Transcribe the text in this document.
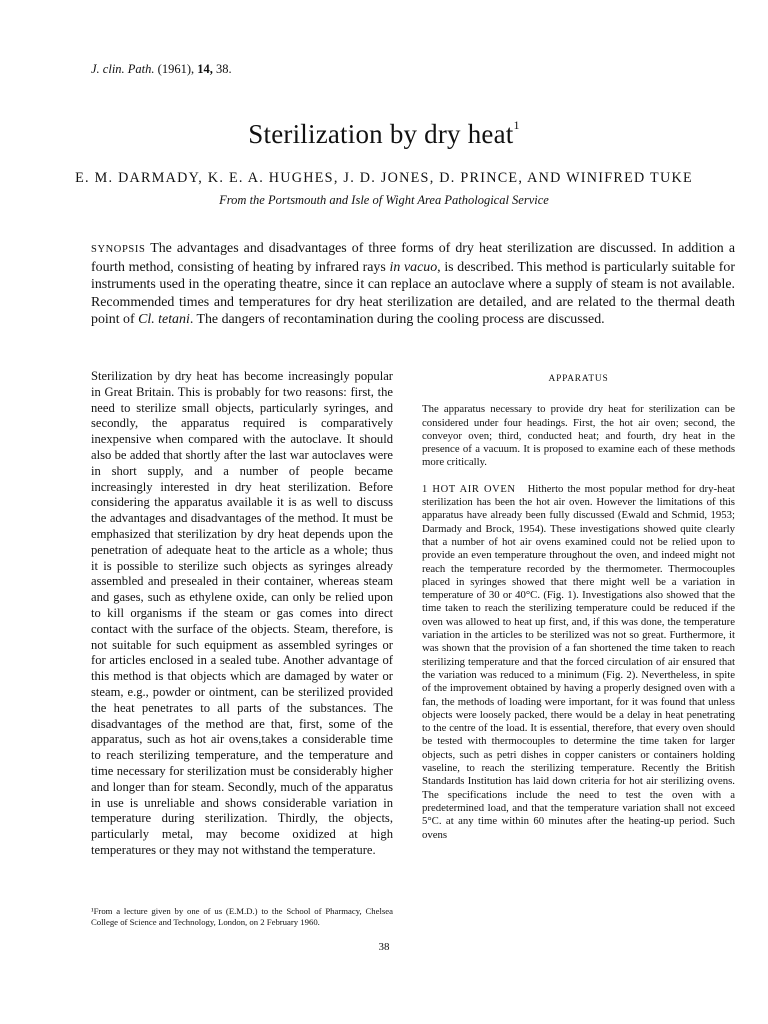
J. clin. Path. (1961), 14, 38.
Sterilization by dry heat$^1$
E. M. DARMADY, K. E. A. HUGHES, J. D. JONES, D. PRINCE, AND WINIFRED TUKE
From the Portsmouth and Isle of Wight Area Pathological Service
SYNOPSIS The advantages and disadvantages of three forms of dry heat sterilization are discussed. In addition a fourth method, consisting of heating by infrared rays in vacuo, is described. This method is particularly suitable for instruments used in the operating theatre, since it can replace an autoclave where a supply of steam is not available. Recommended times and temperatures for dry heat sterilization are detailed, and are related to the thermal death point of Cl. tetani. The dangers of recontamination during the cooling process are discussed.

Sterilization by dry heat has become increasingly popular in Great Britain. This is probably for two reasons: first, the need to sterilize small objects, particularly syringes, and secondly, the apparatus required is comparatively inexpensive when compared with the autoclave. It should also be added that shortly after the last war autoclaves were in short supply, and a number of people became increasingly interested in dry heat sterilization. Before considering the apparatus available it is as well to discuss the advantages and disadvantages of the method. It must be emphasized that sterilization by dry heat depends upon the penetration of adequate heat to the article as a whole; thus it is possible to sterilize such objects as syringes already assembled and presealed in their container, whereas steam and gases, such as ethylene oxide, can only be relied upon to kill organisms if the steam or gas comes into direct contact with the surface of the objects. Steam, therefore, is not suitable for such equipment as assembled syringes or for articles enclosed in a sealed tube. Another advantage of this method is that objects which are damaged by water or steam, e.g., powder or ointment, can be sterilized provided the heat penetrates to all parts of the substances. The disadvantages of the method are that, first, some of the apparatus, such as hot air ovens,takes a considerable time to reach sterilizing temperature, and the temperature and time necessary for sterilization must be considerably higher and longer than for steam. Secondly, much of the apparatus in use is unreliable and shows considerable variation in temperature during sterilization. Thirdly, the objects, particularly metal, may become oxidized at high temperatures or they may not withstand the temperature.

¹From a lecture given by one of us (E.M.D.) to the School of Pharmacy, Chelsea College of Science and Technology, London, on 2 February 1960.
APPARATUS

The apparatus necessary to provide dry heat for sterilization can be considered under four headings. First, the hot air oven; second, the conveyor oven; third, conducted heat; and fourth, dry heat in the presence of a vacuum. It is proposed to examine each of these methods more critically.

1 HOT AIR OVEN Hitherto the most popular method for dry-heat sterilization has been the hot air oven. However the limitations of this apparatus have already been fully discussed (Ewald and Schmid, 1953; Darmady and Brock, 1954). These investigations showed quite clearly that a number of hot air ovens examined could not be relied upon to provide an even temperature throughout the oven, and indeed might not reach the temperature recorded by the thermometer. Thermocouples placed in syringes showed that there might well be a variation in temperature of 30 or 40°C. (Fig. 1). Investigations also showed that the time taken to reach the sterilizing temperature could be reduced if the oven was allowed to heat up first, and, if this was done, the temperature variation in the articles to be sterilized was not so great. Furthermore, it was shown that the provision of a fan shortened the time taken to reach sterilizing temperature and that the forced circulation of air ensured that the variation was reduced to a minimum (Fig. 2). Nevertheless, in spite of the improvement obtained by having a properly designed oven with a fan, the methods of loading were important, for it was found that unless objects were loosely packed, there would be a delay in heat penetrating to the centre of the load. It is essential, therefore, that every oven should be tested with thermocouples to determine the time taken for larger objects, such as petri dishes in copper canisters or containers holding vaseline, to reach the sterilizing temperature. Recently the British Standards Institution has laid down criteria for hot air sterilizing ovens. The specifications include the need to test the oven with a predetermined load, and that the temperature variation shall not exceed 5°C. at any time within 60 minutes after the heating-up period. Such ovens

38
